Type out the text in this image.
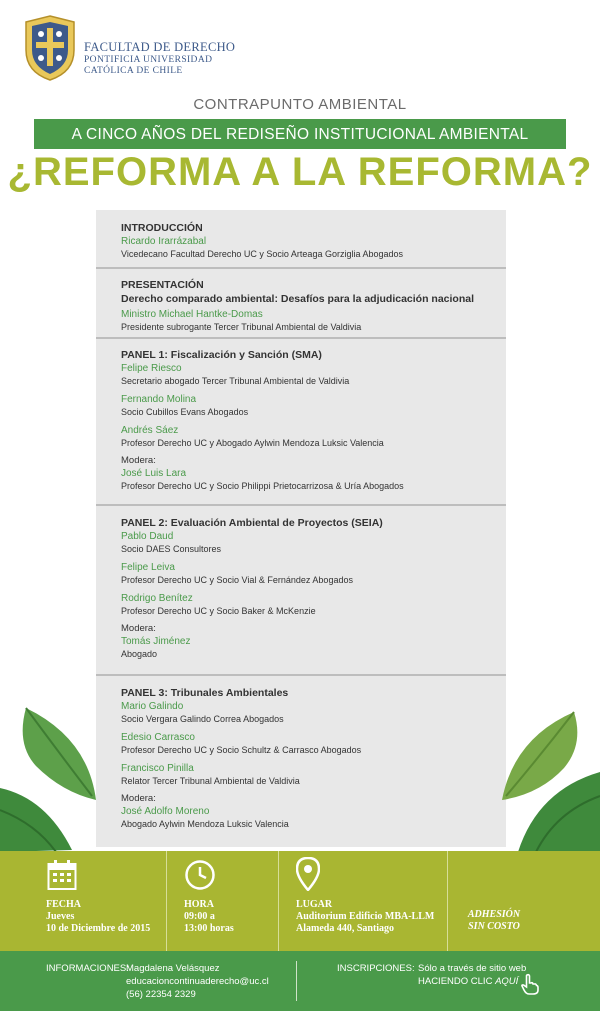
FACULTAD DE DERECHO
PONTIFICIA UNIVERSIDAD
CATÓLICA DE CHILE
CONTRAPUNTO AMBIENTAL
A CINCO AÑOS DEL REDISEÑO INSTITUCIONAL AMBIENTAL
¿REFORMA A LA REFORMA?
INTRODUCCIÓN
Ricardo Irarrázabal
Vicedecano Facultad Derecho UC y Socio Arteaga Gorziglia Abogados
PRESENTACIÓN
Derecho comparado ambiental: Desafíos para la adjudicación nacional
Ministro Michael Hantke-Domas
Presidente subrogante Tercer Tribunal Ambiental de Valdivia
PANEL 1: Fiscalización y Sanción (SMA)
Felipe Riesco
Secretario abogado Tercer Tribunal Ambiental de Valdivia
Fernando Molina
Socio Cubillos Evans Abogados
Andrés Sáez
Profesor Derecho UC y Abogado Aylwin Mendoza Luksic Valencia
Modera:
José Luis Lara
Profesor Derecho UC y Socio Philippi Prietocarrizosa & Uría Abogados
PANEL 2: Evaluación Ambiental de Proyectos (SEIA)
Pablo Daud
Socio DAES Consultores
Felipe Leiva
Profesor Derecho UC y Socio Vial & Fernández Abogados
Rodrigo Benítez
Profesor Derecho UC y Socio Baker & McKenzie
Modera:
Tomás Jiménez
Abogado
PANEL 3: Tribunales Ambientales
Mario Galindo
Socio Vergara Galindo Correa Abogados
Edesio Carrasco
Profesor Derecho UC y Socio Schultz & Carrasco Abogados
Francisco Pinilla
Relator Tercer Tribunal Ambiental de Valdivia
Modera:
José Adolfo Moreno
Abogado Aylwin Mendoza Luksic Valencia
FECHA
Jueves
10 de Diciembre de 2015
HORA
09:00 a
13:00 horas
LUGAR
Auditorium Edificio MBA-LLM
Alameda 440, Santiago
ADHESIÓN
SIN COSTO
INFORMACIONES:
Magdalena Velásquez
educacioncontinuaderecho@uc.cl
(56) 22354 2329
INSCRIPCIONES: Sólo a través de sitio web
HACIENDO CLIC AQUÍ
